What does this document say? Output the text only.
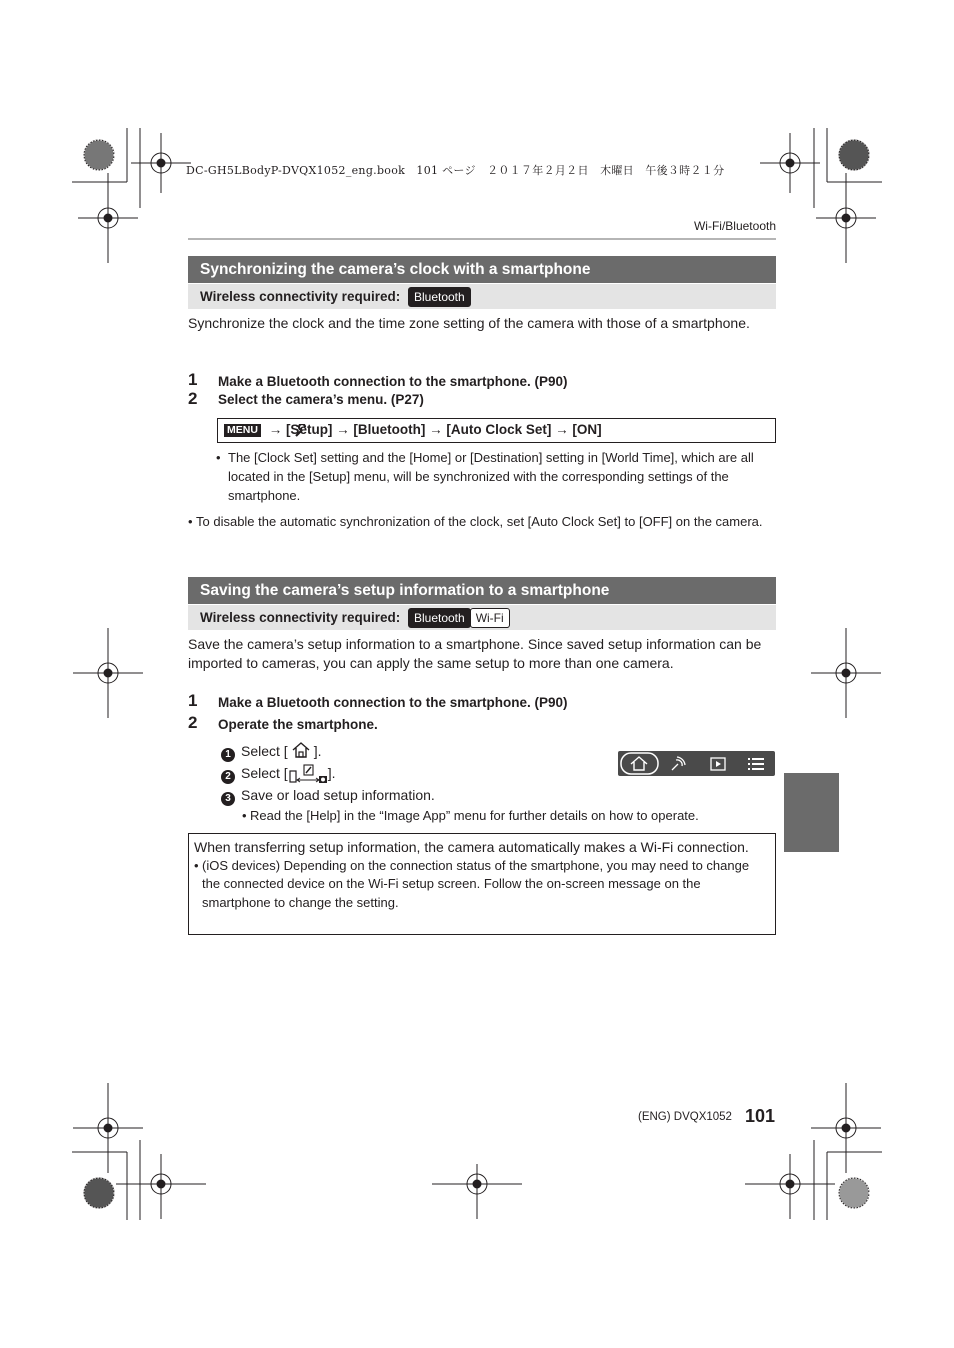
DC-GH5LBodyP-DVQX1052_eng.book　101 ページ　２０１７年２月２日　木曜日　午後３時２１分
Wi-Fi/Bluetooth
Synchronizing the camera’s clock with a smartphone
Wireless connectivity required: Bluetooth
Synchronize the clock and the time zone setting of the camera with those of a smartphone.
1 Make a Bluetooth connection to the smartphone. (P90)
2 Select the camera’s menu. (P27)
MENU → [Setup] → [Bluetooth] → [Auto Clock Set] → [ON]
• The [Clock Set] setting and the [Home] or [Destination] setting in [World Time], which are all located in the [Setup] menu, will be synchronized with the corresponding settings of the smartphone.
• To disable the automatic synchronization of the clock, set [Auto Clock Set] to [OFF] on the camera.
Saving the camera’s setup information to a smartphone
Wireless connectivity required: Bluetooth Wi-Fi
Save the camera’s setup information to a smartphone. Since saved setup information can be imported to cameras, you can apply the same setup to more than one camera.
1 Make a Bluetooth connection to the smartphone. (P90)
2 Operate the smartphone.
1 Select [ ].
2 Select [	].
3 Save or load setup information.
• Read the [Help] in the “Image App” menu for further details on how to operate.
When transferring setup information, the camera automatically makes a Wi-Fi connection.
• (iOS devices) Depending on the connection status of the smartphone, you may need to change the connected device on the Wi-Fi setup screen. Follow the on-screen message on the smartphone to change the setting.
(ENG) DVQX1052 101
